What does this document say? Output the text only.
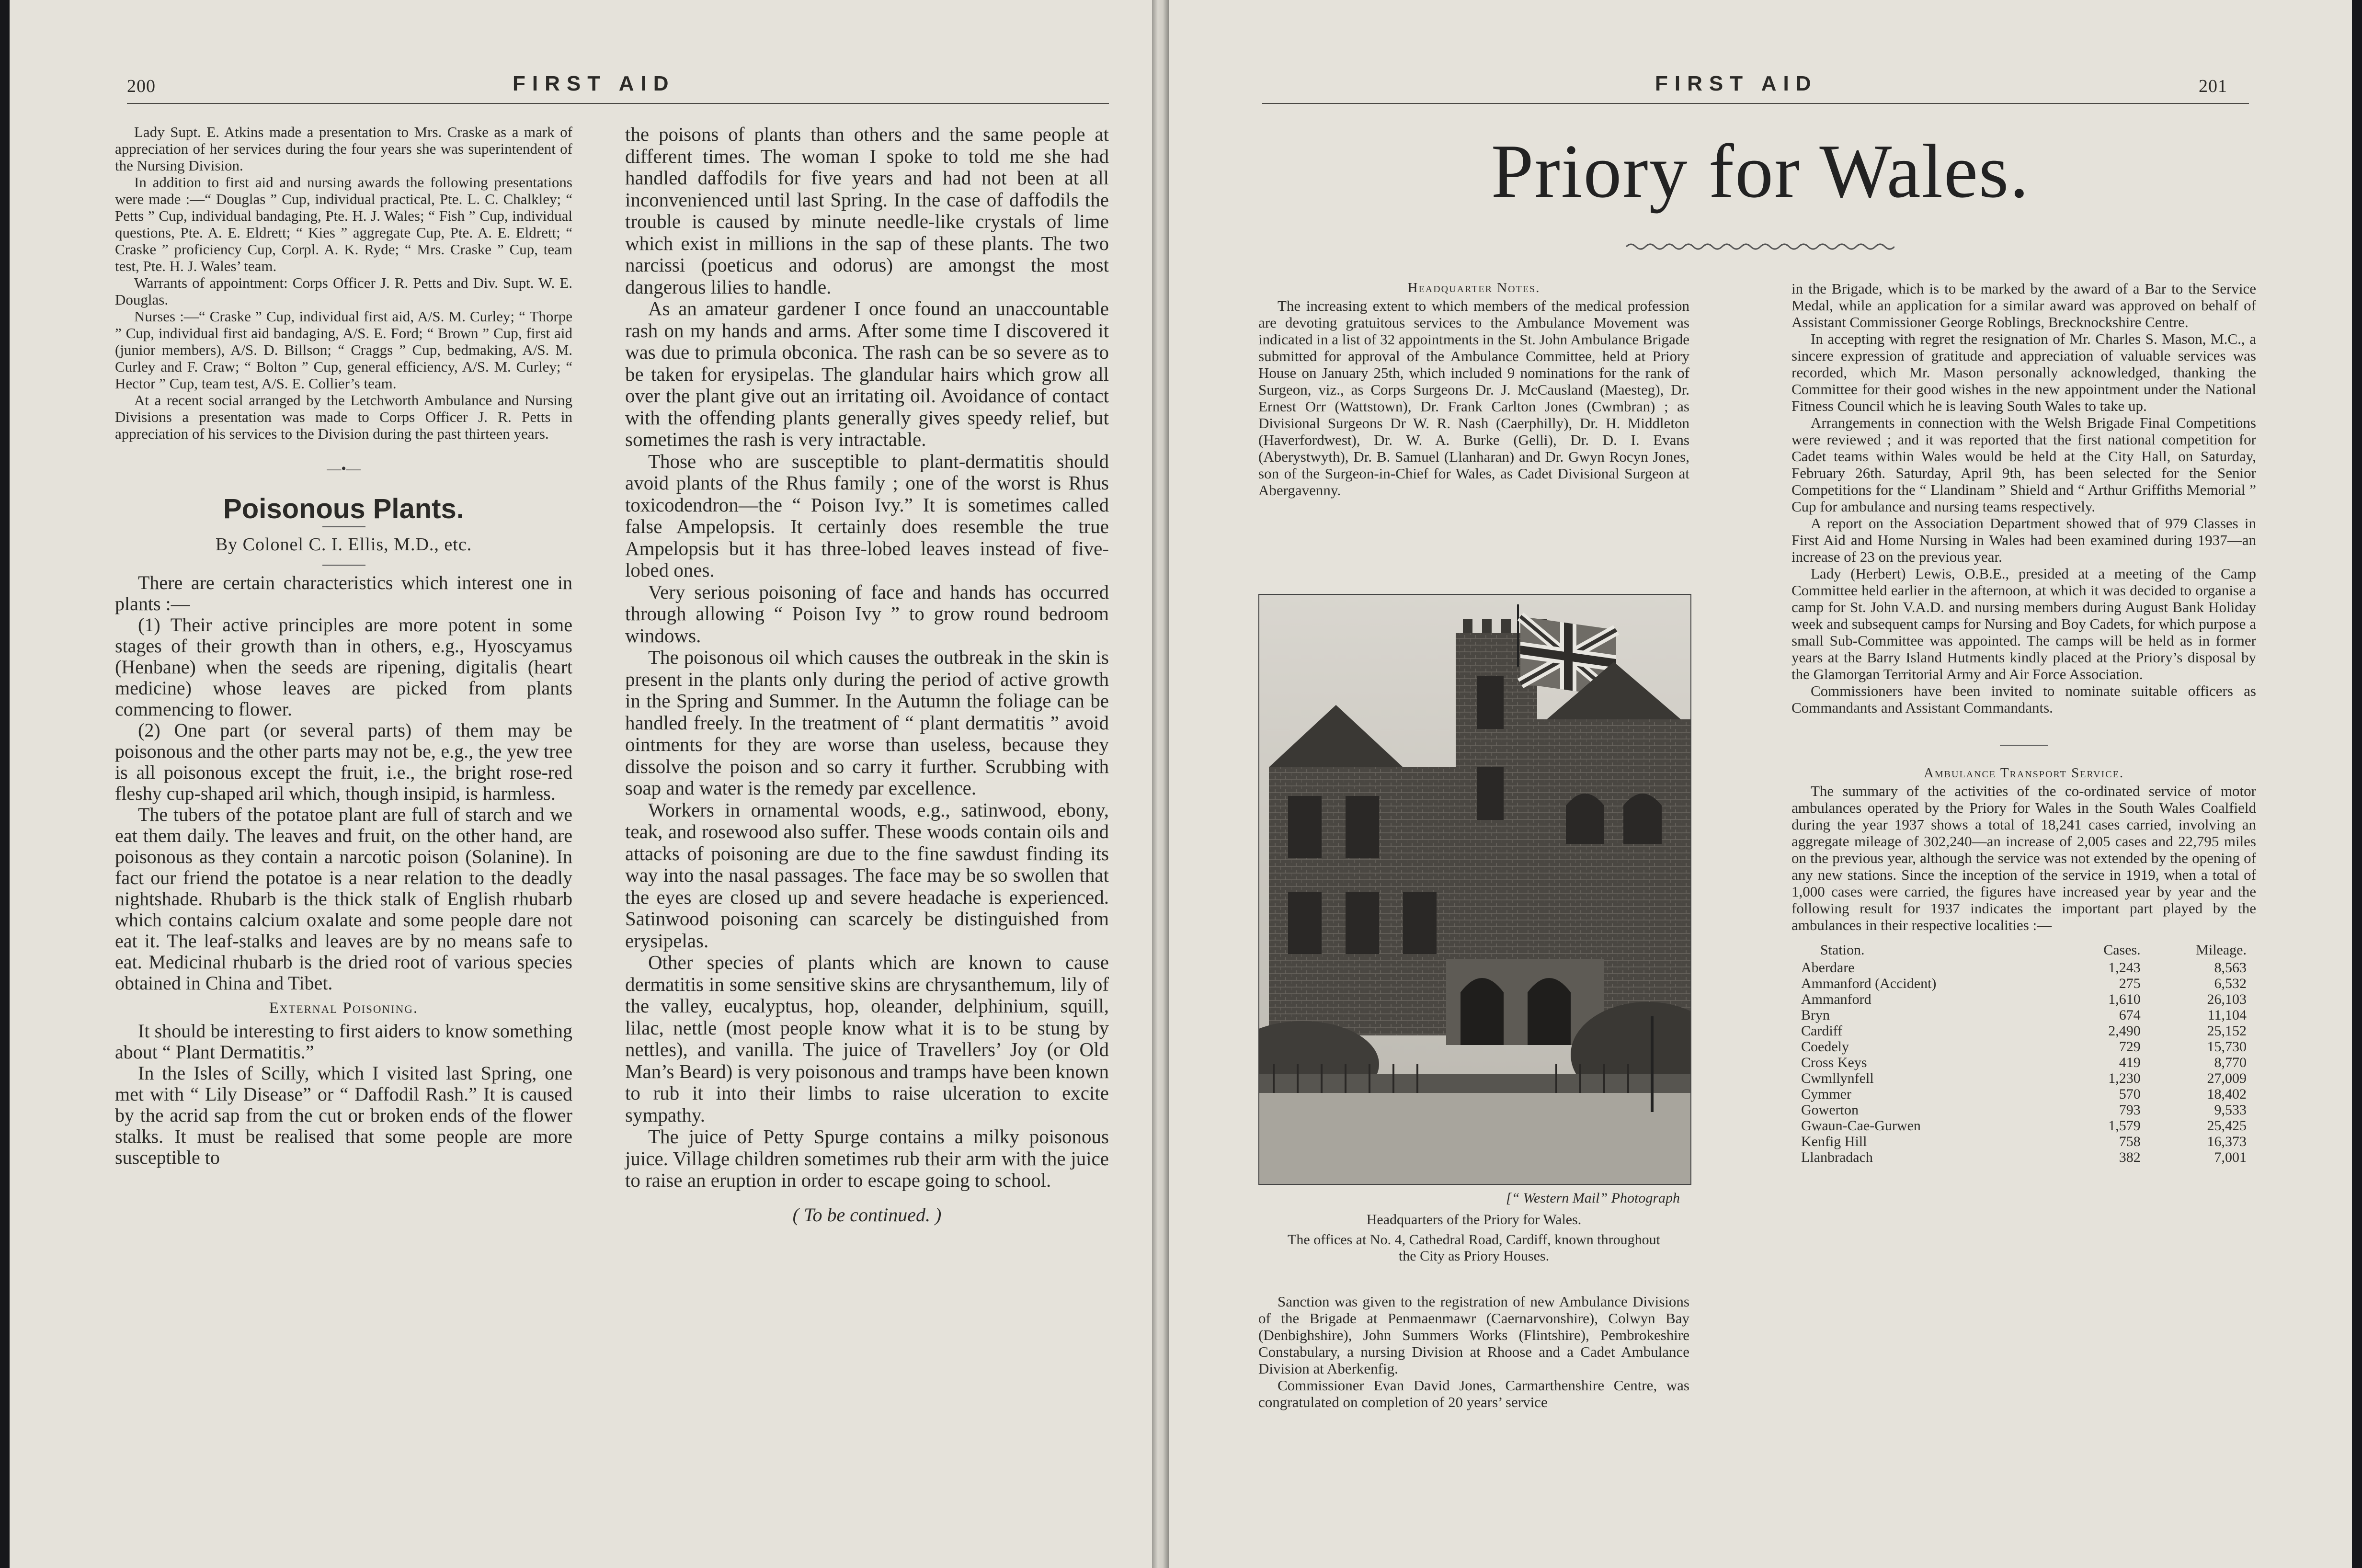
200	FIRST AID

Lady Supt. E. Atkins made a presentation to Mrs. Craske as a mark of appreciation of her services during the four years she was superintendent of the Nursing Division.

In addition to first aid and nursing awards the following presentations were made :—“ Douglas ” Cup, individual practical, Pte. L. C. Chalkley; “ Petts ” Cup, individual bandaging, Pte. H. J. Wales; “ Fish ” Cup, individual questions, Pte. A. E. Eldrett; “ Kies ” aggregate Cup, Pte. A. E. Eldrett; “ Craske ” proficiency Cup, Corpl. A. K. Ryde; “ Mrs. Craske ” Cup, team test, Pte. H. J. Wales’ team.

Warrants of appointment: Corps Officer J. R. Petts and Div. Supt. W. E. Douglas.

Nurses :—“ Craske ” Cup, individual first aid, A/S. M. Curley; “ Thorpe ” Cup, individual first aid bandaging, A/S. E. Ford; “ Brown ” Cup, first aid (junior members), A/S. D. Billson; “ Craggs ” Cup, bedmaking, A/S. M. Curley and F. Craw; “ Bolton ” Cup, general efficiency, A/S. M. Curley; “ Hector ” Cup, team test, A/S. E. Collier’s team.

At a recent social arranged by the Letchworth Ambulance and Nursing Divisions a presentation was made to Corps Officer J. R. Petts in appreciation of his services to the Division during the past thirteen years.

—•—
Poisonous Plants.
By Colonel C. I. Ellis, M.D., etc.

There are certain characteristics which interest one in plants :—

(1) Their active principles are more potent in some stages of their growth than in others, e.g., Hyoscyamus (Henbane) when the seeds are ripening, digitalis (heart medicine) whose leaves are picked from plants commencing to flower.

(2) One part (or several parts) of them may be poisonous and the other parts may not be, e.g., the yew tree is all poisonous except the fruit, i.e., the bright rose-red fleshy cup-shaped aril which, though insipid, is harmless.

The tubers of the potatoe plant are full of starch and we eat them daily. The leaves and fruit, on the other hand, are poisonous as they contain a narcotic poison (Solanine). In fact our friend the potatoe is a near relation to the deadly nightshade. Rhubarb is the thick stalk of English rhubarb which contains calcium oxalate and some people dare not eat it. The leaf-stalks and leaves are by no means safe to eat. Medicinal rhubarb is the dried root of various species obtained in China and Tibet.

External Poisoning.

It should be interesting to first aiders to know something about “ Plant Dermatitis.”

In the Isles of Scilly, which I visited last Spring, one met with “ Lily Disease” or “ Daffodil Rash.” It is caused by the acrid sap from the cut or broken ends of the flower stalks. It must be realised that some people are more susceptible to

the poisons of plants than others and the same people at different times. The woman I spoke to told me she had handled daffodils for five years and had not been at all inconvenienced until last Spring. In the case of daffodils the trouble is caused by minute needle-like crystals of lime which exist in millions in the sap of these plants. The two narcissi (poeticus and odorus) are amongst the most dangerous lilies to handle.

As an amateur gardener I once found an unaccountable rash on my hands and arms. After some time I discovered it was due to primula obconica. The rash can be so severe as to be taken for erysipelas. The glandular hairs which grow all over the plant give out an irritating oil. Avoidance of contact with the offending plants generally gives speedy relief, but sometimes the rash is very intractable.

Those who are susceptible to plant-dermatitis should avoid plants of the Rhus family ; one of the worst is Rhus toxicodendron—the “ Poison Ivy.” It is sometimes called false Ampelopsis. It certainly does resemble the true Ampelopsis but it has three-lobed leaves instead of five-lobed ones.

Very serious poisoning of face and hands has occurred through allowing “ Poison Ivy ” to grow round bedroom windows.

The poisonous oil which causes the outbreak in the skin is present in the plants only during the period of active growth in the Spring and Summer. In the Autumn the foliage can be handled freely. In the treatment of “ plant dermatitis ” avoid ointments for they are worse than useless, because they dissolve the poison and so carry it further. Scrubbing with soap and water is the remedy par excellence.

Workers in ornamental woods, e.g., satinwood, ebony, teak, and rosewood also suffer. These woods contain oils and attacks of poisoning are due to the fine sawdust finding its way into the nasal passages. The face may be so swollen that the eyes are closed up and severe headache is experienced. Satinwood poisoning can scarcely be distinguished from erysipelas.

Other species of plants which are known to cause dermatitis in some sensitive skins are chrysanthemum, lily of the valley, eucalyptus, hop, oleander, delphinium, squill, lilac, nettle (most people know what it is to be stung by nettles), and vanilla. The juice of Travellers’ Joy (or Old Man’s Beard) is very poisonous and tramps have been known to rub it into their limbs to raise ulceration to excite sympathy.

The juice of Petty Spurge contains a milky poisonous juice. Village children sometimes rub their arm with the juice to raise an eruption in order to escape going to school.

( To be continued. )
FIRST AID	201
Priory for Wales.
Headquarter Notes.

The increasing extent to which members of the medical profession are devoting gratuitous services to the Ambulance Movement was indicated in a list of 32 appointments in the St. John Ambulance Brigade submitted for approval of the Ambulance Committee, held at Priory House on January 25th, which included 9 nominations for the rank of Surgeon, viz., as Corps Surgeons Dr. J. McCausland (Maesteg), Dr. Ernest Orr (Wattstown), Dr. Frank Carlton Jones (Cwmbran) ; as Divisional Surgeons Dr W. R. Nash (Caerphilly), Dr. H. Middleton (Haverfordwest), Dr. W. A. Burke (Gelli), Dr. D. I. Evans (Aberystwyth), Dr. B. Samuel (Llanharan) and Dr. Gwyn Rocyn Jones, son of the Surgeon-in-Chief for Wales, as Cadet Divisional Surgeon at Abergavenny.

Sanction was given to the registration of new Ambulance Divisions of the Brigade at Penmaenmawr (Caernarvonshire), Colwyn Bay (Denbighshire), John Summers Works (Flintshire), Pembrokeshire Constabulary, a nursing Division at Rhoose and a Cadet Ambulance Division at Aberkenfig.

Commissioner Evan David Jones, Carmarthenshire Centre, was congratulated on completion of 20 years’ service

in the Brigade, which is to be marked by the award of a Bar to the Service Medal, while an application for a similar award was approved on behalf of Assistant Commissioner George Roblings, Brecknockshire Centre.

In accepting with regret the resignation of Mr. Charles S. Mason, M.C., a sincere expression of gratitude and appreciation of valuable services was recorded, which Mr. Mason personally acknowledged, thanking the Committee for their good wishes in the new appointment under the National Fitness Council which he is leaving South Wales to take up.

Arrangements in connection with the Welsh Brigade Final Competitions were reviewed ; and it was reported that the first national competition for Cadet teams within Wales would be held at the City Hall, on Saturday, February 26th. Saturday, April 9th, has been selected for the Senior Competitions for the “ Llandinam ” Shield and “ Arthur Griffiths Memorial ” Cup for ambulance and nursing teams respectively.

A report on the Association Department showed that of 979 Classes in First Aid and Home Nursing in Wales had been examined during 1937—an increase of 23 on the previous year.

Lady (Herbert) Lewis, O.B.E., presided at a meeting of the Camp Committee held earlier in the afternoon, at which it was decided to organise a camp for St. John V.A.D. and nursing members during August Bank Holiday week and subsequent camps for Nursing and Boy Cadets, for which purpose a small Sub-Committee was appointed. The camps will be held as in former years at the Barry Island Hutments kindly placed at the Priory’s disposal by the Glamorgan Territorial Army and Air Force Association.

Commissioners have been invited to nominate suitable officers as Commandants and Assistant Commandants.

Ambulance Transport Service.

The summary of the activities of the co-ordinated service of motor ambulances operated by the Priory for Wales in the South Wales Coalfield during the year 1937 shows a total of 18,241 cases carried, involving an aggregate mileage of 302,240—an increase of 2,005 cases and 22,795 miles on the previous year, although the service was not extended by the opening of any new stations. Since the inception of the service in 1919, when a total of 1,000 cases were carried, the figures have increased year by year and the following result for 1937 indicates the important part played by the ambulances in their respective localities :—

Station.	Cases.	Mileage.
Aberdare	1,243	8,563
Ammanford (Accident)	275	6,532
Ammanford	1,610	26,103
Bryn	674	11,104
Cardiff	2,490	25,152
Coedely	729	15,730
Cross Keys	419	8,770
Cwmllynfell	1,230	27,009
Cymmer	570	18,402
Gowerton	793	9,533
Gwaun-Cae-Gurwen	1,579	25,425
Kenfig Hill	758	16,373
Llanbradach	382	7,001
[“ Western Mail” Photograph
Headquarters of the Priory for Wales.
The offices at No. 4, Cathedral Road, Cardiff, known throughout the City as Priory Houses.
